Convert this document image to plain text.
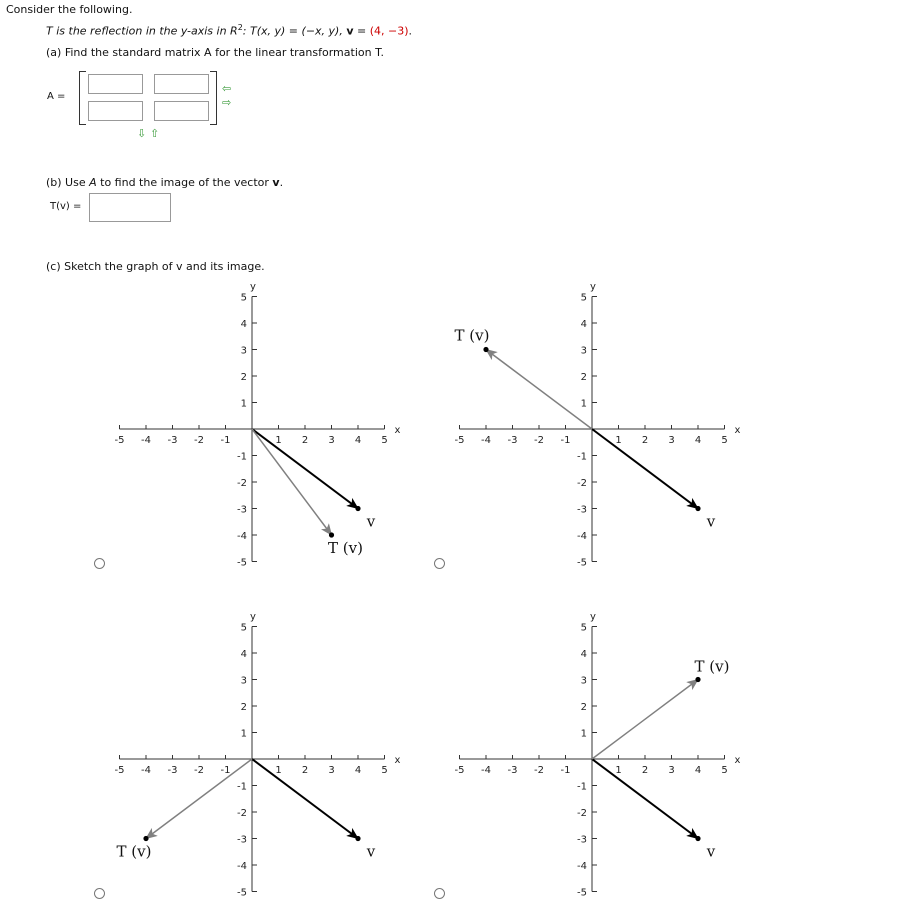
Consider the following.
T is the reflection in the y-axis in $R^2$: T(x, y) = (−x, y), v = (4, −3).
(a) Find the standard matrix A for the linear transformation T.
A =
⇦
⇨
⇩ ⇧
(b) Use A to find the image of the vector v.
T(v) =
(c) Sketch the graph of v and its image.
-5 -4 -3 -2 -1	1 2 3 4 5
-5
-4
-3
-2
-1
1
2
3
4
5
x
y
v
T (v)
-5 -4 -3 -2 -1	1 2 3 4 5
-5
-4
-3
-2
-1
1
2
3
4
5
x
y
v
T (v)
-5 -4 -3 -2 -1	1 2 3 4 5
-5
-4
-3
-2
-1
1
2
3
4
5
x
y
v
T (v)
-5 -4 -3 -2 -1	1 2 3 4 5
-5
-4
-3
-2
-1
1
2
3
4
5
x
y
v
T (v)
